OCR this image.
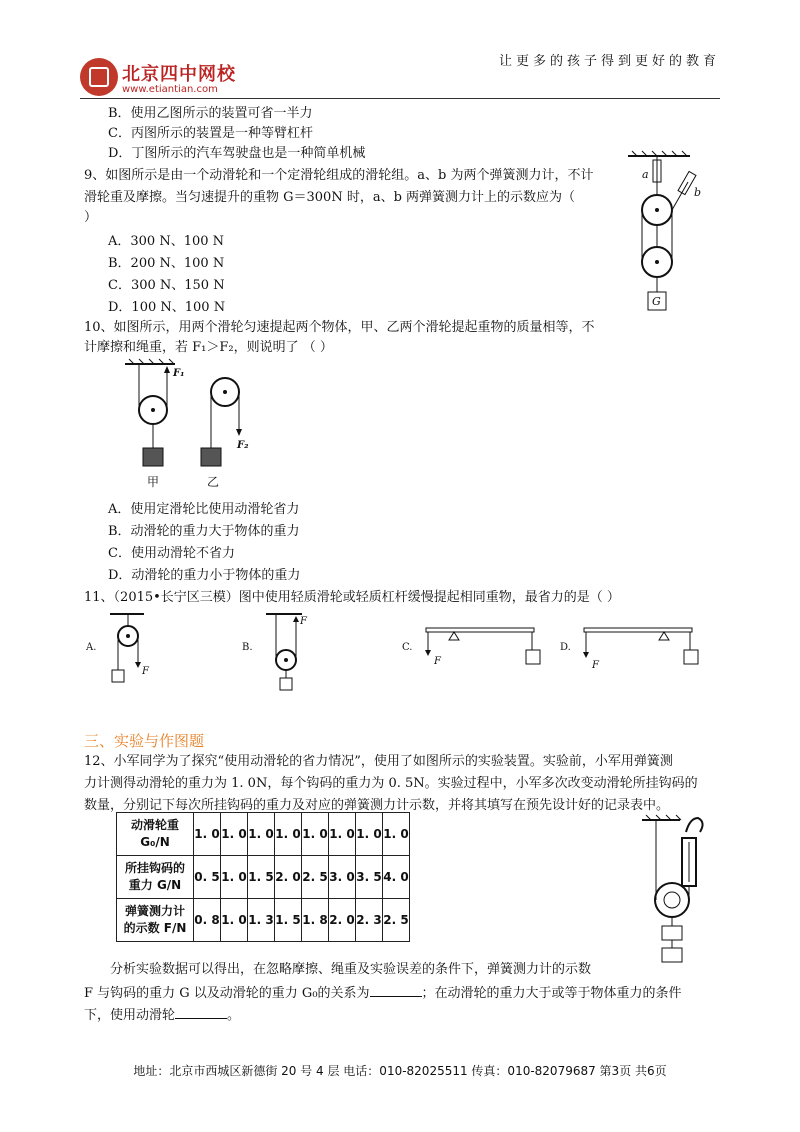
北京四中网校
www.etiantian.com
让更多的孩子得到更好的教育
B．使用乙图所示的装置可省一半力
C．丙图所示的装置是一种等臂杠杆
D．丁图所示的汽车驾驶盘也是一种简单机械
9、如图所示是由一个动滑轮和一个定滑轮组成的滑轮组。a、b 为两个弹簧测力计，不计
滑轮重及摩擦。当匀速提升的重物 G＝300N 时，a、b 两弹簧测力计上的示数应为（
）
A．300 N、100 N
B．200 N、100 N
C．300 N、150 N
D．100 N、100 N
a
b
G
10、如图所示，用两个滑轮匀速提起两个物体，甲、乙两个滑轮提起重物的质量相等，不
计摩擦和绳重，若 F₁＞F₂，则说明了 （ ）
F₁
甲
F₂
乙
A．使用定滑轮比使用动滑轮省力
B．动滑轮的重力大于物体的重力
C．使用动滑轮不省力
D．动滑轮的重力小于物体的重力
11、（2015•长宁区三模）图中使用轻质滑轮或轻质杠杆缓慢提起相同重物，最省力的是（ ）
A.
F
B.
F
C.
F
D.
F
三、实验与作图题
12、小军同学为了探究“使用动滑轮的省力情况”，使用了如图所示的实验装置。实验前，小军用弹簧测
力计测得动滑轮的重力为 1. 0N，每个钩码的重力为 0. 5N。实验过程中，小军多次改变动滑轮所挂钩码的
数量，分别记下每次所挂钩码的重力及对应的弹簧测力计示数，并将其填写在预先设计好的记录表中。
动滑轮重
G₀/N	1. 0	1. 0	1. 0	1. 0	1. 0	1. 0	1. 0	1. 0

所挂钩码的
重力 G/N	0. 5	1. 0	1. 5	2. 0	2. 5	3. 0	3. 5	4. 0

弹簧测力计
的示数 F/N	0. 8	1. 0	1. 3	1. 5	1. 8	2. 0	2. 3	2. 5
分析实验数据可以得出，在忽略摩擦、绳重及实验误差的条件下，弹簧测力计的示数
F 与钩码的重力 G 以及动滑轮的重力 G₀的关系为	；在动滑轮的重力大于或等于物体重力的条件
下，使用动滑轮	。
地址：北京市西城区新德街 20 号 4 层 电话：010-82025511 传真：010-82079687 第3页 共6页
